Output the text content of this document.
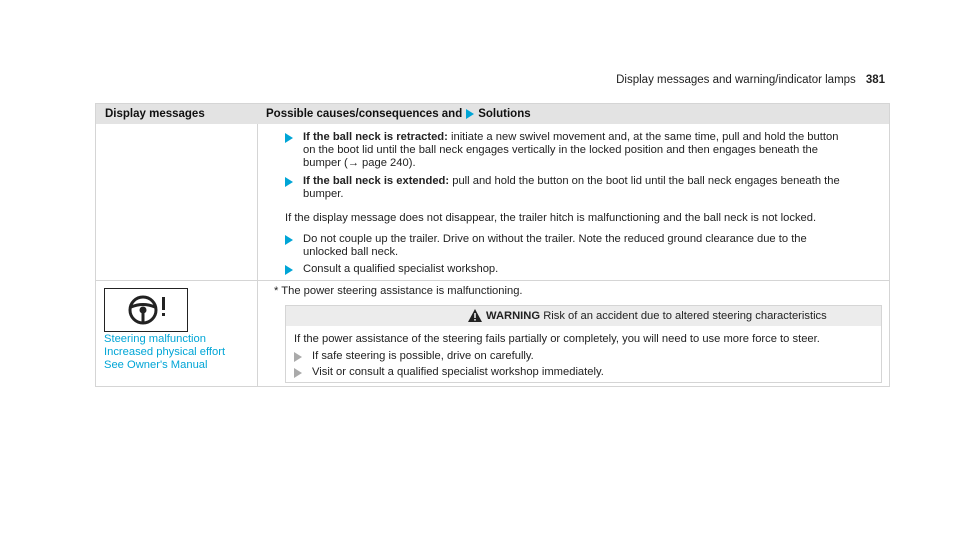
Display messages and warning/indicator lamps 381
Display messages	Possible causes/consequences and Solutions
If the ball neck is retracted: initiate a new swivel movement and, at the same time, pull and hold the button
on the boot lid until the ball neck engages vertically in the locked position and then engages beneath the
bumper (→ page 240).
If the ball neck is extended: pull and hold the button on the boot lid until the ball neck engages beneath the
bumper.
If the display message does not disappear, the trailer hitch is malfunctioning and the ball neck is not locked.
Do not couple up the trailer. Drive on without the trailer. Note the reduced ground clearance due to the
unlocked ball neck.
Consult a qualified specialist workshop.
Steering malfunction
Increased physical effort
See Owner's Manual
* The power steering assistance is malfunctioning.
WARNING Risk of an accident due to altered steering characteristics
If the power assistance of the steering fails partially or completely, you will need to use more force to steer.
If safe steering is possible, drive on carefully.
Visit or consult a qualified specialist workshop immediately.
